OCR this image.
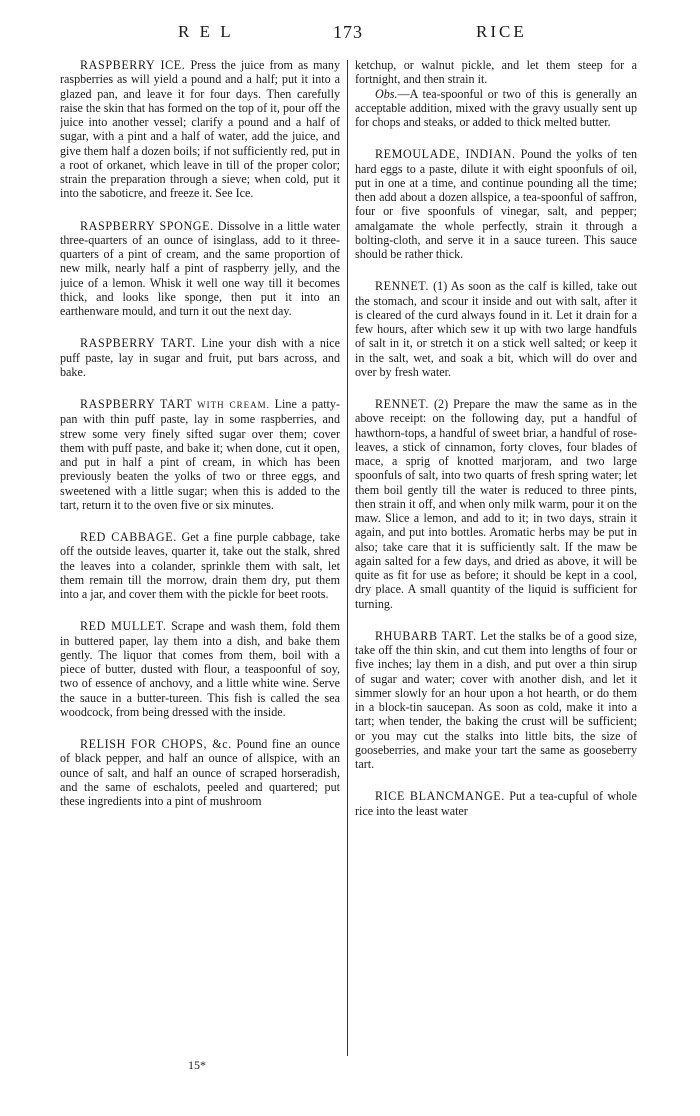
R E L	173	RICE

RASPBERRY ICE. Press the juice from as many raspberries as will yield a pound and a half; put it into a glazed pan, and leave it for four days. Then carefully raise the skin that has formed on the top of it, pour off the juice into another vessel; clarify a pound and a half of sugar, with a pint and a half of water, add the juice, and give them half a dozen boils; if not sufficiently red, put in a root of orkanet, which leave in till of the proper color; strain the preparation through a sieve; when cold, put it into the saboticre, and freeze it. See Ice.

RASPBERRY SPONGE. Dissolve in a little water three-quarters of an ounce of isinglass, add to it three-quarters of a pint of cream, and the same proportion of new milk, nearly half a pint of raspberry jelly, and the juice of a lemon. Whisk it well one way till it becomes thick, and looks like sponge, then put it into an earthenware mould, and turn it out the next day.

RASPBERRY TART. Line your dish with a nice puff paste, lay in sugar and fruit, put bars across, and bake.

RASPBERRY TART WITH CREAM. Line a patty-pan with thin puff paste, lay in some raspberries, and strew some very finely sifted sugar over them; cover them with puff paste, and bake it; when done, cut it open, and put in half a pint of cream, in which has been previously beaten the yolks of two or three eggs, and sweetened with a little sugar; when this is added to the tart, return it to the oven five or six minutes.

RED CABBAGE. Get a fine purple cabbage, take off the outside leaves, quarter it, take out the stalk, shred the leaves into a colander, sprinkle them with salt, let them remain till the morrow, drain them dry, put them into a jar, and cover them with the pickle for beet roots.

RED MULLET. Scrape and wash them, fold them in buttered paper, lay them into a dish, and bake them gently. The liquor that comes from them, boil with a piece of butter, dusted with flour, a teaspoonful of soy, two of essence of anchovy, and a little white wine. Serve the sauce in a butter-tureen. This fish is called the sea woodcock, from being dressed with the inside.

RELISH FOR CHOPS, &c. Pound fine an ounce of black pepper, and half an ounce of allspice, with an ounce of salt, and half an ounce of scraped horseradish, and the same of eschalots, peeled and quartered; put these ingredients into a pint of mushroom

ketchup, or walnut pickle, and let them steep for a fortnight, and then strain it.

Obs.—A tea-spoonful or two of this is generally an acceptable addition, mixed with the gravy usually sent up for chops and steaks, or added to thick melted butter.

REMOULADE, INDIAN. Pound the yolks of ten hard eggs to a paste, dilute it with eight spoonfuls of oil, put in one at a time, and continue pounding all the time; then add about a dozen allspice, a tea-spoonful of saffron, four or five spoonfuls of vinegar, salt, and pepper; amalgamate the whole perfectly, strain it through a bolting-cloth, and serve it in a sauce tureen. This sauce should be rather thick.

RENNET. (1) As soon as the calf is killed, take out the stomach, and scour it inside and out with salt, after it is cleared of the curd always found in it. Let it drain for a few hours, after which sew it up with two large handfuls of salt in it, or stretch it on a stick well salted; or keep it in the salt, wet, and soak a bit, which will do over and over by fresh water.

RENNET. (2) Prepare the maw the same as in the above receipt: on the following day, put a handful of hawthorn-tops, a handful of sweet briar, a handful of rose-leaves, a stick of cinnamon, forty cloves, four blades of mace, a sprig of knotted marjoram, and two large spoonfuls of salt, into two quarts of fresh spring water; let them boil gently till the water is reduced to three pints, then strain it off, and when only milk warm, pour it on the maw. Slice a lemon, and add to it; in two days, strain it again, and put into bottles. Aromatic herbs may be put in also; take care that it is sufficiently salt. If the maw be again salted for a few days, and dried as above, it will be quite as fit for use as before; it should be kept in a cool, dry place. A small quantity of the liquid is sufficient for turning.

RHUBARB TART. Let the stalks be of a good size, take off the thin skin, and cut them into lengths of four or five inches; lay them in a dish, and put over a thin sirup of sugar and water; cover with another dish, and let it simmer slowly for an hour upon a hot hearth, or do them in a block-tin saucepan. As soon as cold, make it into a tart; when tender, the baking the crust will be sufficient; or you may cut the stalks into little bits, the size of gooseberries, and make your tart the same as gooseberry tart.

RICE BLANCMANGE. Put a tea-cupful of whole rice into the least water

15*
